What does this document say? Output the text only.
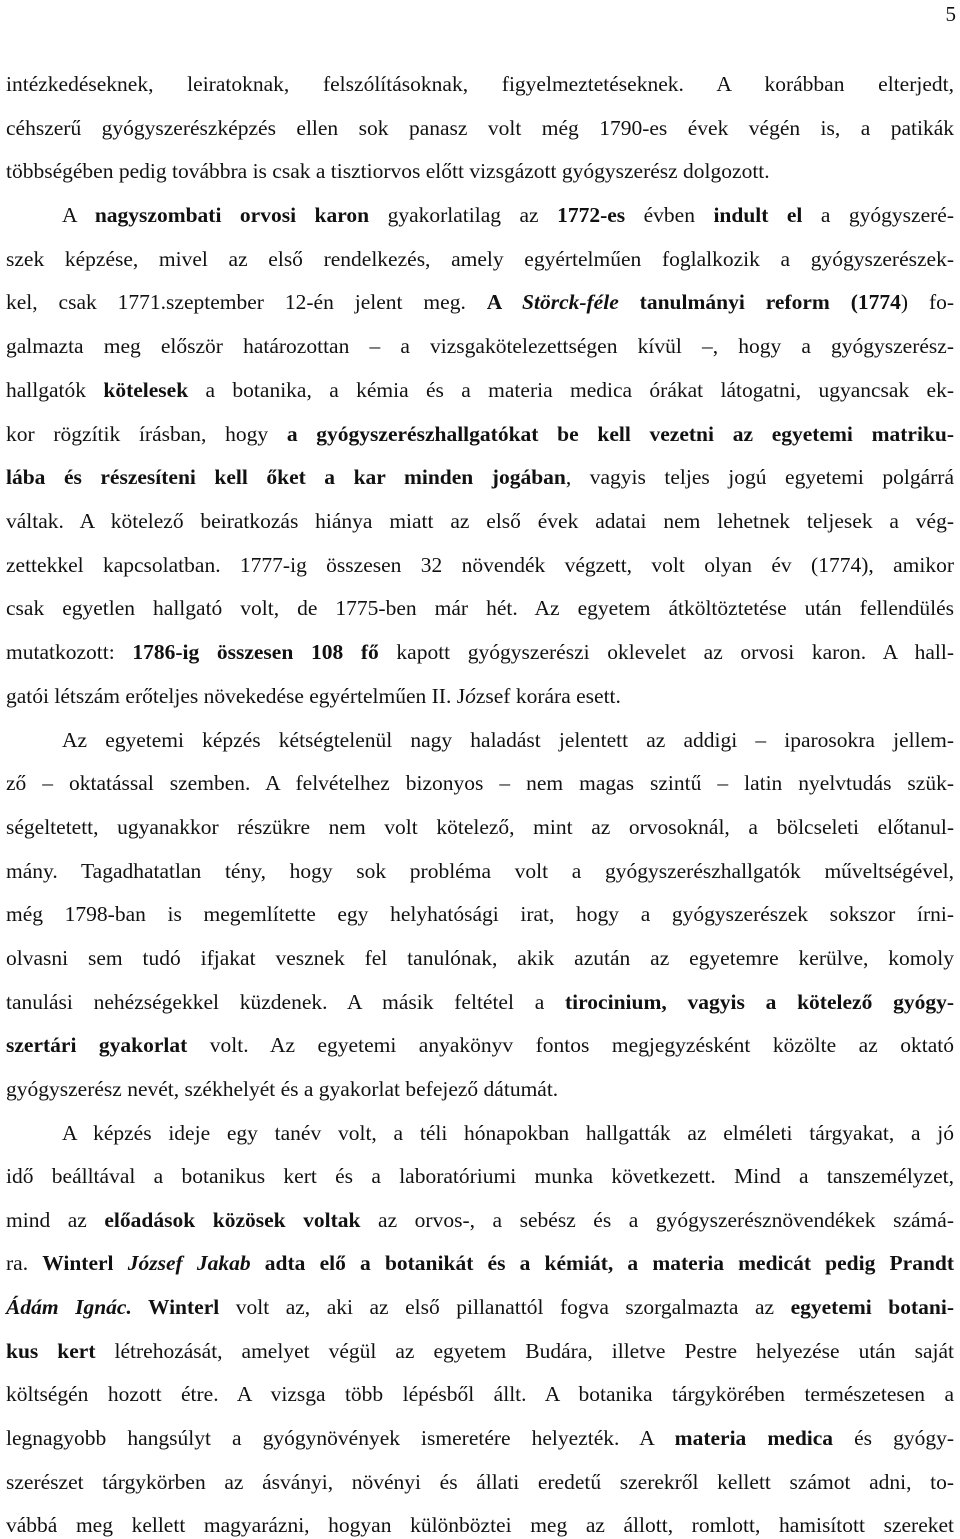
5
intézkedéseknek, leiratoknak, felszólításoknak, figyelmeztetéseknek. A korábban elterjedt,
céhszerű gyógyszerészképzés ellen sok panasz volt még 1790-es évek végén is, a patikák
többségében pedig továbbra is csak a tisztiorvos előtt vizsgázott gyógyszerész dolgozott.
A nagyszombati orvosi karon gyakorlatilag az 1772-es évben indult el a gyógyszeré-
szek képzése, mivel az első rendelkezés, amely egyértelműen foglalkozik a gyógyszerészek-
kel, csak 1771.szeptember 12-én jelent meg. A Störck-féle tanulmányi reform (1774) fo-
galmazta meg először határozottan – a vizsgakötelezettségen kívül –, hogy a gyógyszerész-
hallgatók kötelesek a botanika, a kémia és a materia medica órákat látogatni, ugyancsak ek-
kor rögzítik írásban, hogy a gyógyszerészhallgatókat be kell vezetni az egyetemi matriku-
lába és részesíteni kell őket a kar minden jogában, vagyis teljes jogú egyetemi polgárrá
váltak. A kötelező beiratkozás hiánya miatt az első évek adatai nem lehetnek teljesek a vég-
zettekkel kapcsolatban. 1777-ig összesen 32 növendék végzett, volt olyan év (1774), amikor
csak egyetlen hallgató volt, de 1775-ben már hét. Az egyetem átköltöztetése után fellendülés
mutatkozott: 1786-ig összesen 108 fő kapott gyógyszerészi oklevelet az orvosi karon. A hall-
gatói létszám erőteljes növekedése egyértelműen II. József korára esett.
Az egyetemi képzés kétségtelenül nagy haladást jelentett az addigi – iparosokra jellem-
ző – oktatással szemben. A felvételhez bizonyos – nem magas szintű – latin nyelvtudás szük-
ségeltetett, ugyanakkor részükre nem volt kötelező, mint az orvosoknál, a bölcseleti előtanul-
mány. Tagadhatatlan tény, hogy sok probléma volt a gyógyszerészhallgatók műveltségével,
még 1798-ban is megemlítette egy helyhatósági irat, hogy a gyógyszerészek sokszor írni-
olvasni sem tudó ifjakat vesznek fel tanulónak, akik azután az egyetemre kerülve, komoly
tanulási nehézségekkel küzdenek. A másik feltétel a tirocinium, vagyis a kötelező gyógy-
szertári gyakorlat volt. Az egyetemi anyakönyv fontos megjegyzésként közölte az oktató
gyógyszerész nevét, székhelyét és a gyakorlat befejező dátumát.
A képzés ideje egy tanév volt, a téli hónapokban hallgatták az elméleti tárgyakat, a jó
idő beálltával a botanikus kert és a laboratóriumi munka következett. Mind a tanszemélyzet,
mind az előadások közösek voltak az orvos-, a sebész és a gyógyszerésznövendékek számá-
ra. Winterl József Jakab adta elő a botanikát és a kémiát, a materia medicát pedig Prandt
Ádám Ignác. Winterl volt az, aki az első pillanattól fogva szorgalmazta az egyetemi botani-
kus kert létrehozását, amelyet végül az egyetem Budára, illetve Pestre helyezése után saját
költségén hozott étre. A vizsga több lépésből állt. A botanika tárgykörében természetesen a
legnagyobb hangsúlyt a gyógynövények ismeretére helyezték. A materia medica és gyógy-
szerészet tárgykörben az ásványi, növényi és állati eredetű szerekről kellett számot adni, to-
vábbá meg kellett magyarázni, hogyan különböztei meg az állott, romlott, hamisított szereket
